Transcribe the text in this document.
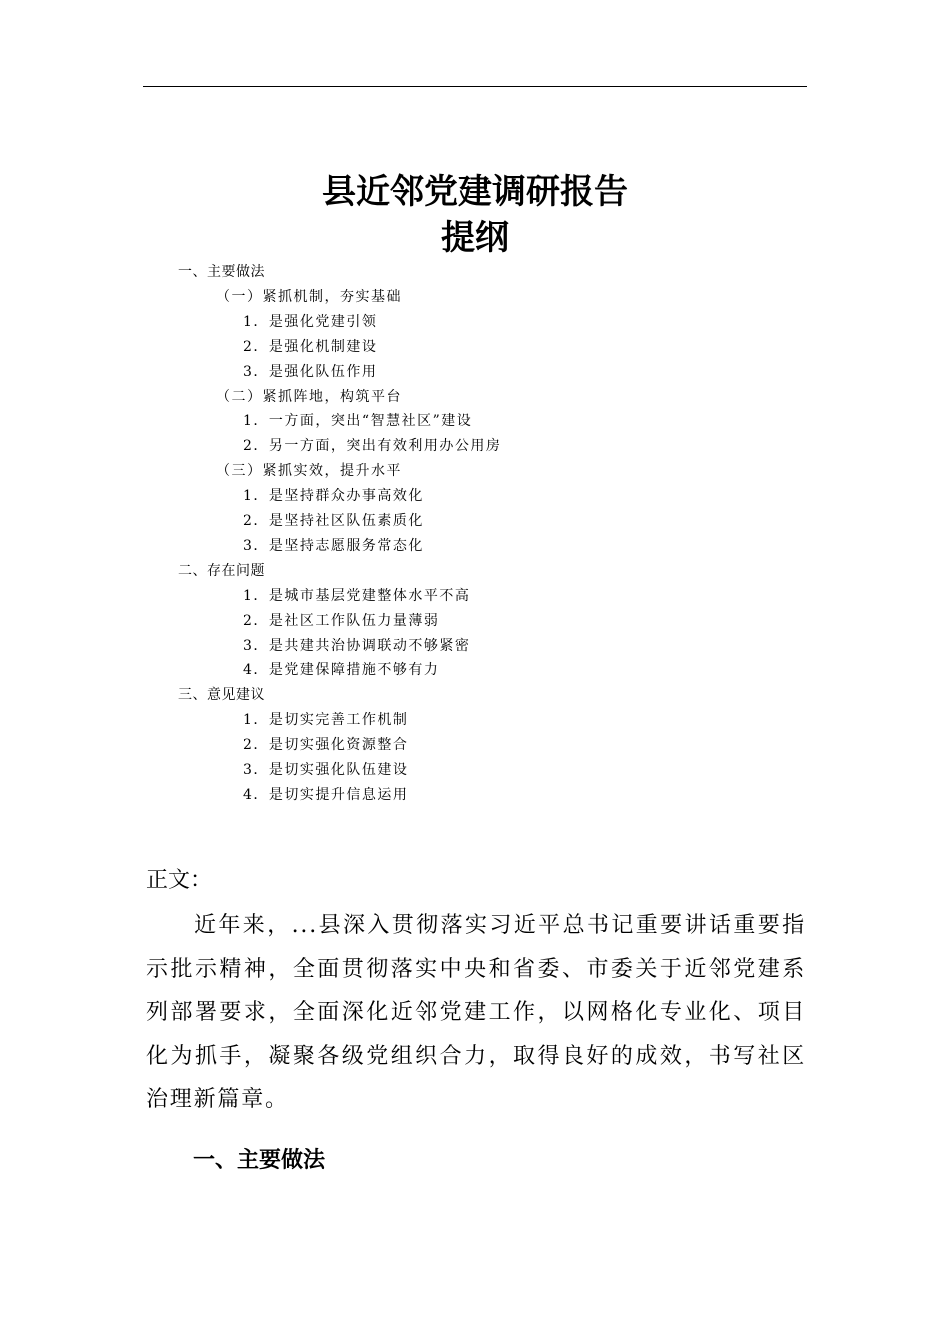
县近邻党建调研报告
提纲
一、主要做法
（一）紧抓机制，夯实基础
1．是强化党建引领
2．是强化机制建设
3．是强化队伍作用
（二）紧抓阵地，构筑平台
1．一方面，突出“智慧社区”建设
2．另一方面，突出有效利用办公用房
（三）紧抓实效，提升水平
1．是坚持群众办事高效化
2．是坚持社区队伍素质化
3．是坚持志愿服务常态化
二、存在问题
1．是城市基层党建整体水平不高
2．是社区工作队伍力量薄弱
3．是共建共治协调联动不够紧密
4．是党建保障措施不够有力
三、意见建议
1．是切实完善工作机制
2．是切实强化资源整合
3．是切实强化队伍建设
4．是切实提升信息运用
正文：
近年来，...县深入贯彻落实习近平总书记重要讲话重要指示批示精神，全面贯彻落实中央和省委、市委关于近邻党建系列部署要求，全面深化近邻党建工作，以网格化专业化、项目化为抓手，凝聚各级党组织合力，取得良好的成效，书写社区治理新篇章。
一、主要做法
